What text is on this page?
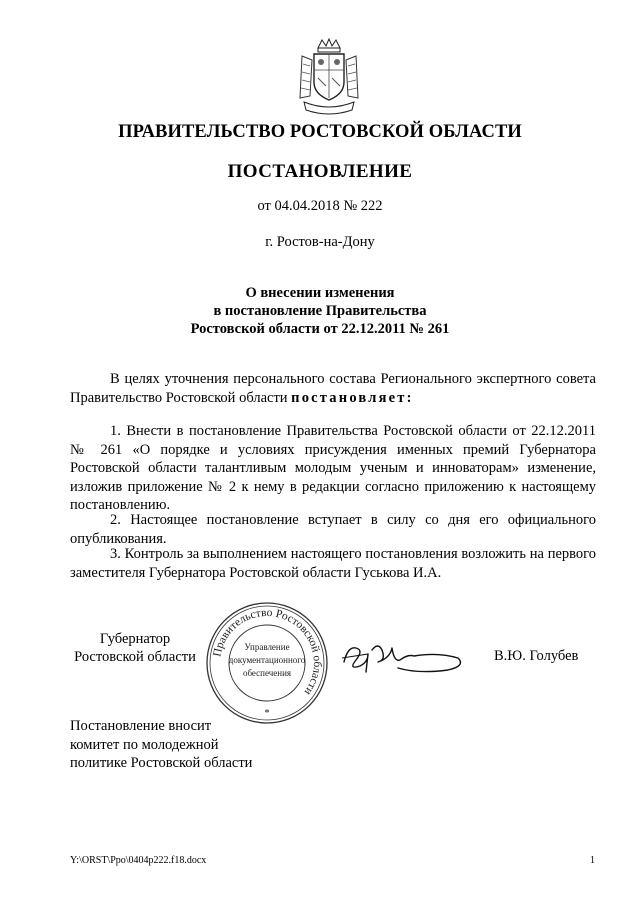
ПРАВИТЕЛЬСТВО РОСТОВСКОЙ ОБЛАСТИ
ПОСТАНОВЛЕНИЕ
от 04.04.2018 № 222
г. Ростов-на-Дону
О внесении изменения
в постановление Правительства
Ростовской области от 22.12.2011 № 261
В целях уточнения персонального состава Регионального экспертного совета Правительство Ростовской области постановляет:
1. Внести в постановление Правительства Ростовской области от 22.12.2011 № 261 «О порядке и условиях присуждения именных премий Губернатора Ростовской области талантливым молодым ученым и инноваторам» изменение, изложив приложение № 2 к нему в редакции согласно приложению к настоящему постановлению.
2. Настоящее постановление вступает в силу со дня его официального опубликования.
3. Контроль за выполнением настоящего постановления возложить на первого заместителя Губернатора Ростовской области Гуськова И.А.
Губернатор
Ростовской области	Правительство Ростовской области
Управление
документационного
обеспечения
*
В.Ю. Голубев
Постановление вносит
комитет по молодежной
политике Ростовской области
Y:\ORST\Ppo\0404p222.f18.docx	1
